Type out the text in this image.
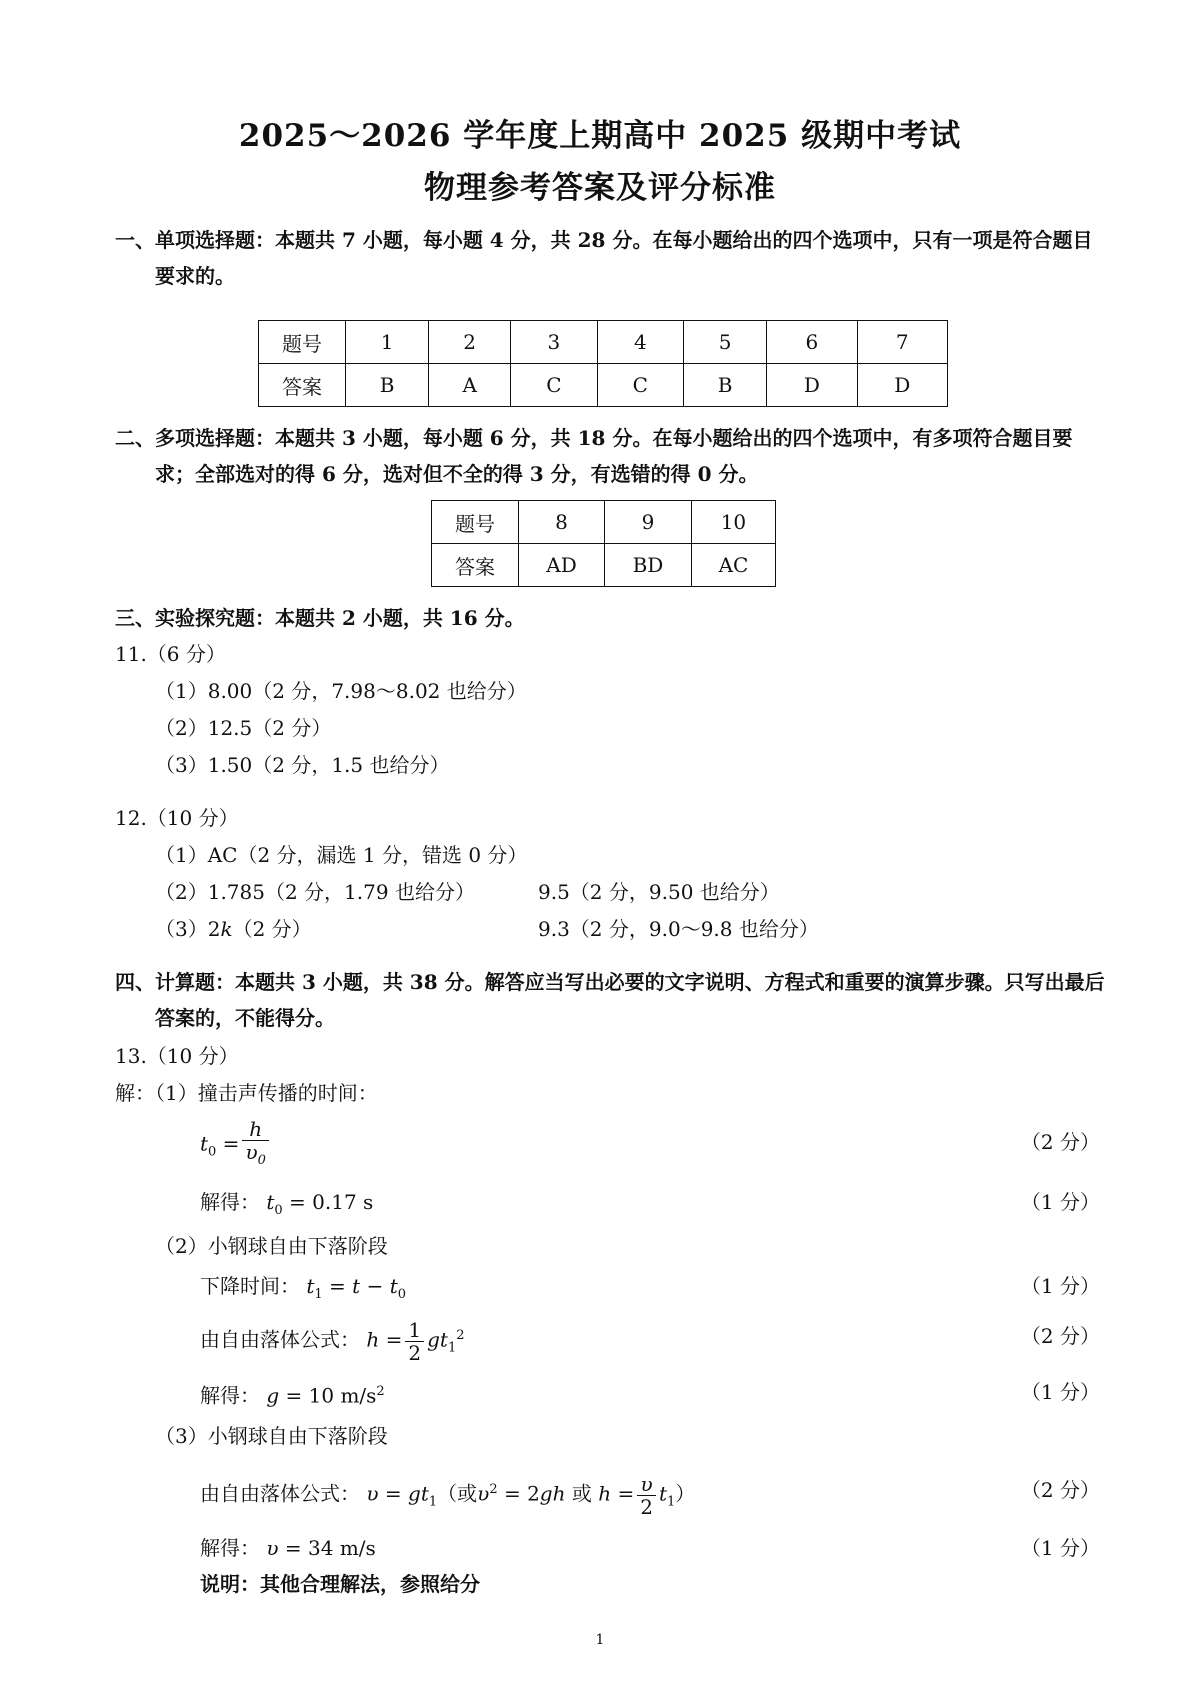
2025～2026 学年度上期高中 2025 级期中考试
物理参考答案及评分标准
一、单项选择题：本题共 7 小题，每小题 4 分，共 28 分。在每小题给出的四个选项中，只有一项是符合题目要求的。
题号	1	2	3	4	5	6	7
答案	B	A	C	C	B	D	D
二、多项选择题：本题共 3 小题，每小题 6 分，共 18 分。在每小题给出的四个选项中，有多项符合题目要求；全部选对的得 6 分，选对但不全的得 3 分，有选错的得 0 分。
题号	8	9	10
答案	AD	BD	AC
三、实验探究题：本题共 2 小题，共 16 分。
11.（6 分）
（1）8.00（2 分，7.98～8.02 也给分）
（2）12.5（2 分）
（3）1.50（2 分，1.5 也给分）
12.（10 分）
（1）AC（2 分，漏选 1 分，错选 0 分）
（2）1.785（2 分，1.79 也给分）	9.5（2 分，9.50 也给分）
（3）2k（2 分）	9.3（2 分，9.0～9.8 也给分）
四、计算题：本题共 3 小题，共 38 分。解答应当写出必要的文字说明、方程式和重要的演算步骤。只写出最后答案的，不能得分。
13.（10 分）
解：（1）撞击声传播的时间：
$t_0 = \frac{h}{\upsilon_0}$	（2 分）
解得： $t_0 = 0.17$ s	（1 分）
（2）小钢球自由下落阶段
下降时间： $t_1 = t - t_0$	（1 分）
由自由落体公式： $h = \frac{1}{2} gt_1^2$	（2 分）
解得： g = 10 $m/s^2$	（1 分）
（3）小钢球自由下落阶段
由自由落体公式： $\upsilon = gt_1$（或$\upsilon^2 = 2gh$ 或 $h = \frac{\upsilon}{2} t_1$）	（2 分）
解得： υ = 34 m/s	（1 分）
说明：其他合理解法，参照给分
1
